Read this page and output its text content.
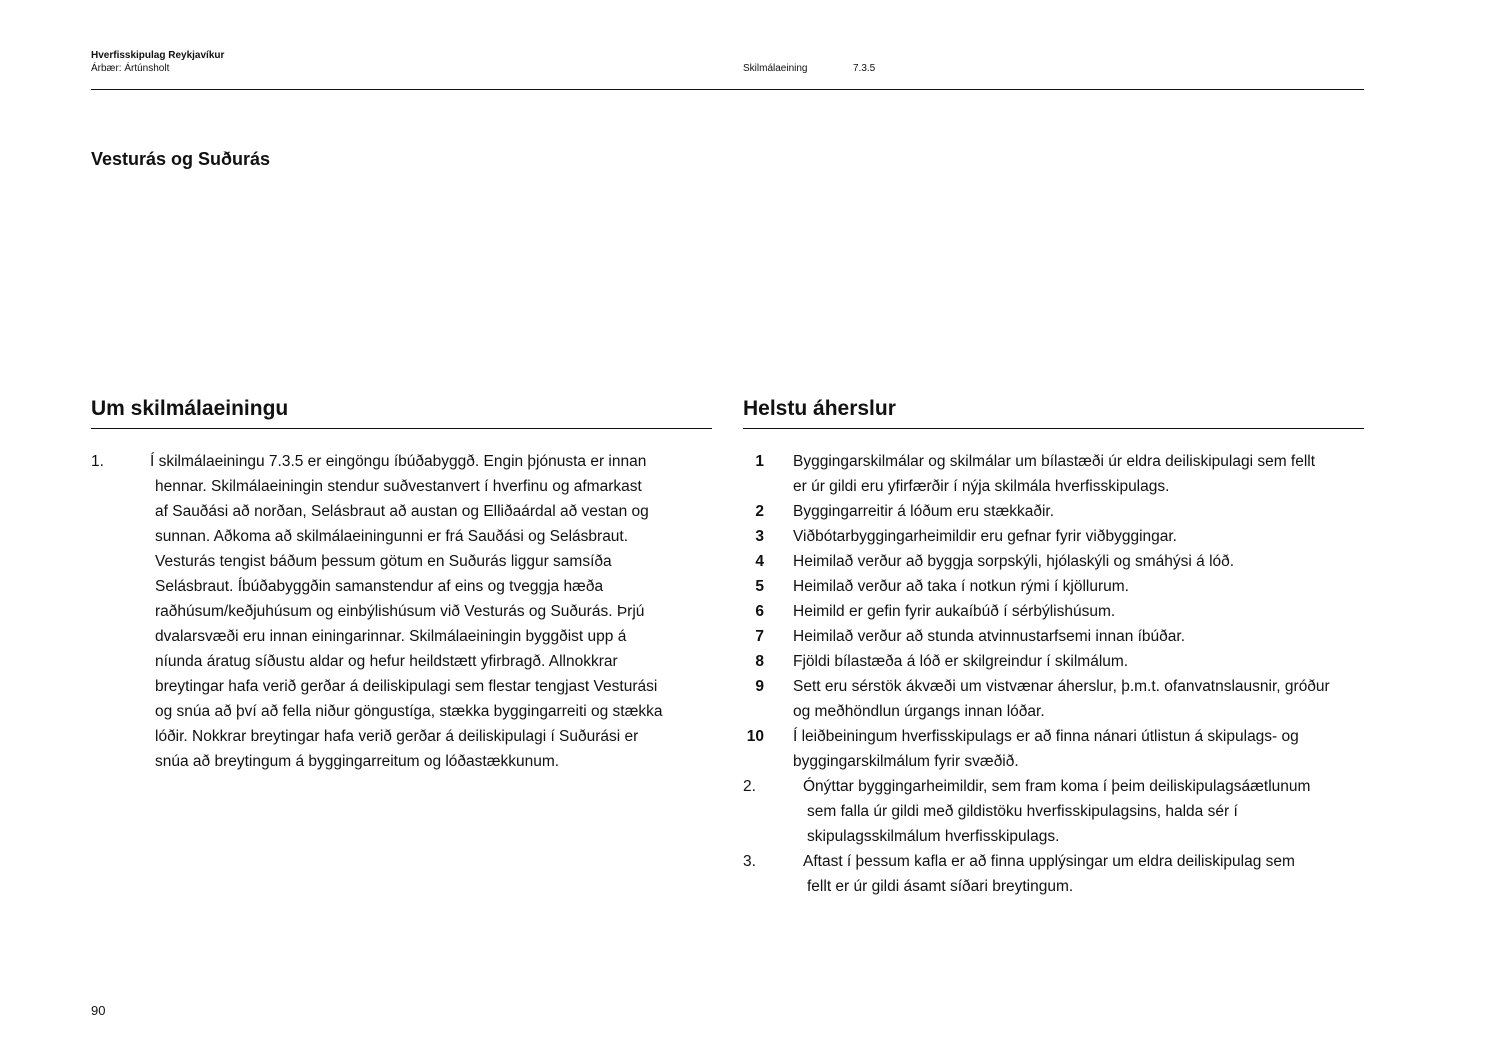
Hverfisskipulag Reykjavíkur
Árbær: Ártúnsholt	Skilmálaeining	7.3.5
Vesturás og Suðurás
Um skilmálaeiningu
1.	Í skilmálaeiningu 7.3.5 er eingöngu íbúðabyggð. Engin þjónusta er innan
hennar. Skilmálaeiningin stendur suðvestanvert í hverfinu og afmarkast
af Sauðási að norðan, Selásbraut að austan og Elliðaárdal að vestan og
sunnan. Aðkoma að skilmálaeiningunni er frá Sauðási og Selásbraut.
Vesturás tengist báðum þessum götum en Suðurás liggur samsíða
Selásbraut. Íbúðabyggðin samanstendur af eins og tveggja hæða
raðhúsum/keðjuhúsum og einbýlishúsum við Vesturás og Suðurás. Þrjú
dvalarsvæði eru innan einingarinnar. Skilmálaeiningin byggðist upp á
níunda áratug síðustu aldar og hefur heildstætt yfirbragð. Allnokkrar
breytingar hafa verið gerðar á deiliskipulagi sem flestar tengjast Vesturási
og snúa að því að fella niður göngustíga, stækka byggingarreiti og stækka
lóðir. Nokkrar breytingar hafa verið gerðar á deiliskipulagi í Suðurási er
snúa að breytingum á byggingarreitum og lóðastækkunum.
Helstu áherslur
1 Byggingarskilmálar og skilmálar um bílastæði úr eldra deiliskipulagi sem fellt
er úr gildi eru yfirfærðir í nýja skilmála hverfisskipulags.
2 Byggingarreitir á lóðum eru stækkaðir.
3 Viðbótarbyggingarheimildir eru gefnar fyrir viðbyggingar.
4 Heimilað verður að byggja sorpskýli, hjólaskýli og smáhýsi á lóð.
5 Heimilað verður að taka í notkun rými í kjöllurum.
6 Heimild er gefin fyrir aukaíbúð í sérbýlishúsum.
7 Heimilað verður að stunda atvinnustarfsemi innan íbúðar.
8 Fjöldi bílastæða á lóð er skilgreindur í skilmálum.
9 Sett eru sérstök ákvæði um vistvænar áherslur, þ.m.t. ofanvatnslausnir, gróður
og meðhöndlun úrgangs innan lóðar.
10 Í leiðbeiningum hverfisskipulags er að finna nánari útlistun á skipulags- og
byggingarskilmálum fyrir svæðið.
2.	Ónýttar byggingarheimildir, sem fram koma í þeim deiliskipulagsáætlunum
sem falla úr gildi með gildistöku hverfisskipulagsins, halda sér í
skipulagsskilmálum hverfisskipulags.
3.	Aftast í þessum kafla er að finna upplýsingar um eldra deiliskipulag sem
fellt er úr gildi ásamt síðari breytingum.
90
